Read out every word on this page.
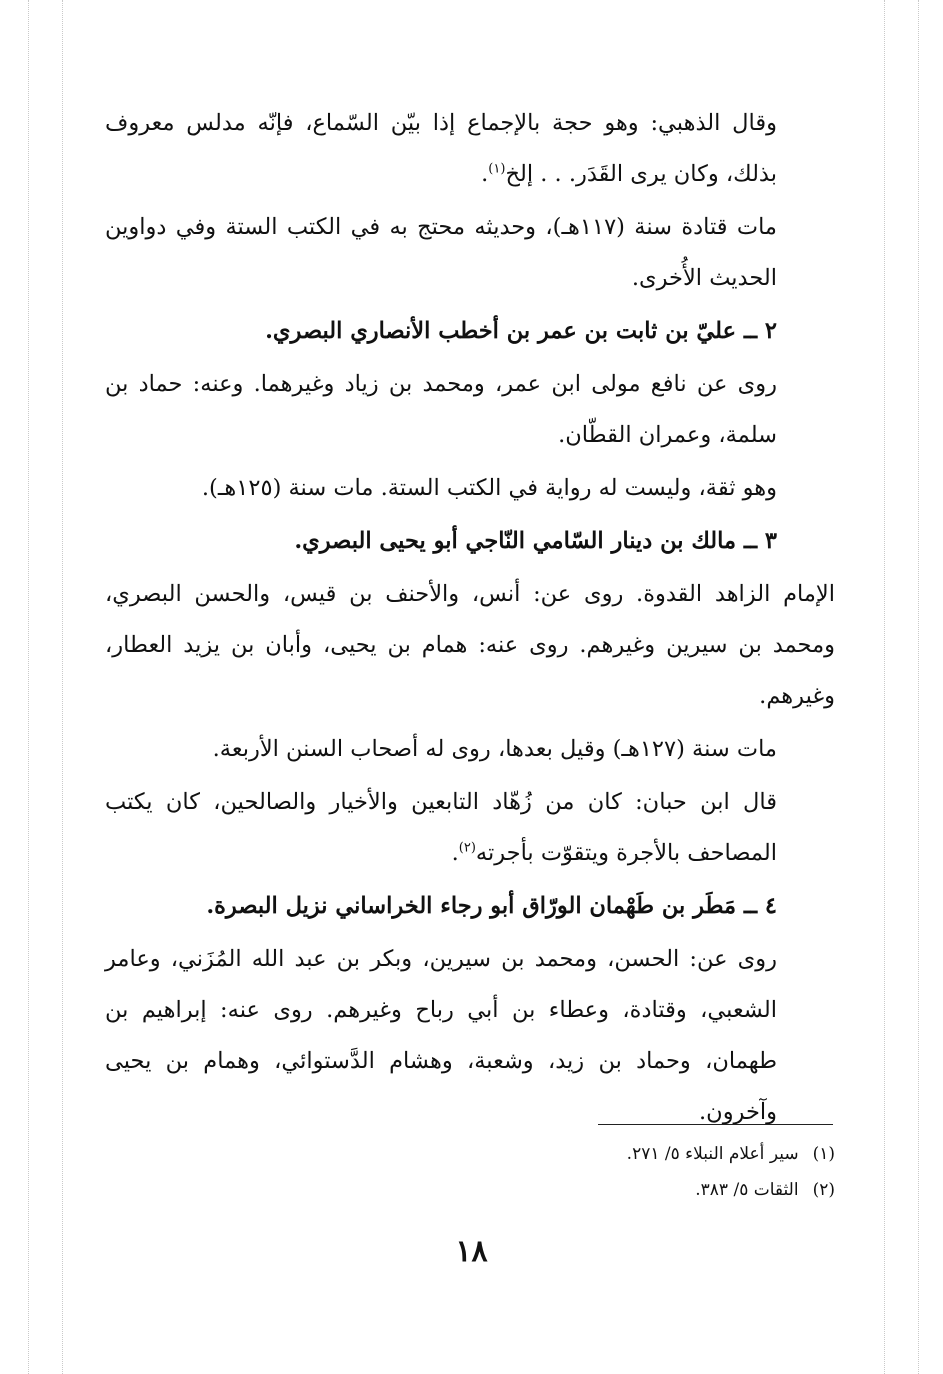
وقال الذهبي: وهو حجة بالإجماع إذا بيّن السّماع، فإنّه مدلس معروف بذلك، وكان يرى القَدَر. . . إلخ$^{(١)}$.

مات قتادة سنة (١١٧هـ)، وحديثه محتج به في الكتب الستة وفي دواوين الحديث الأُخرى.

٢ ــ عليّ بن ثابت بن عمر بن أخطب الأنصاري البصري.

روى عن نافع مولى ابن عمر، ومحمد بن زياد وغيرهما. وعنه: حماد بن سلمة، وعمران القطّان.

وهو ثقة، وليست له رواية في الكتب الستة. مات سنة (١٢٥هـ).

٣ ــ مالك بن دينار السّامي النّاجي أبو يحيى البصري.

الإمام الزاهد القدوة. روى عن: أنس، والأحنف بن قيس، والحسن البصري، ومحمد بن سيرين وغيرهم. روى عنه: همام بن يحيى، وأبان بن يزيد العطار، وغيرهم.

مات سنة (١٢٧هـ) وقيل بعدها، روى له أصحاب السنن الأربعة.

قال ابن حبان: كان من زُهّاد التابعين والأخيار والصالحين، كان يكتب المصاحف بالأجرة ويتقوّت بأجرته$^{(٢)}$.

٤ ــ مَطَر بن طَهْمان الورّاق أبو رجاء الخراساني نزيل البصرة.

روى عن: الحسن، ومحمد بن سيرين، وبكر بن عبد الله المُزَني، وعامر الشعبي، وقتادة، وعطاء بن أبي رباح وغيرهم. روى عنه: إبراهيم بن طهمان، وحماد بن زيد، وشعبة، وهشام الدَّستوائي، وهمام بن يحيى وآخرون.

(١)سير أعلام النبلاء ٥/ ٢٧١.
(٢)الثقات ٥/ ٣٨٣.
١٨
